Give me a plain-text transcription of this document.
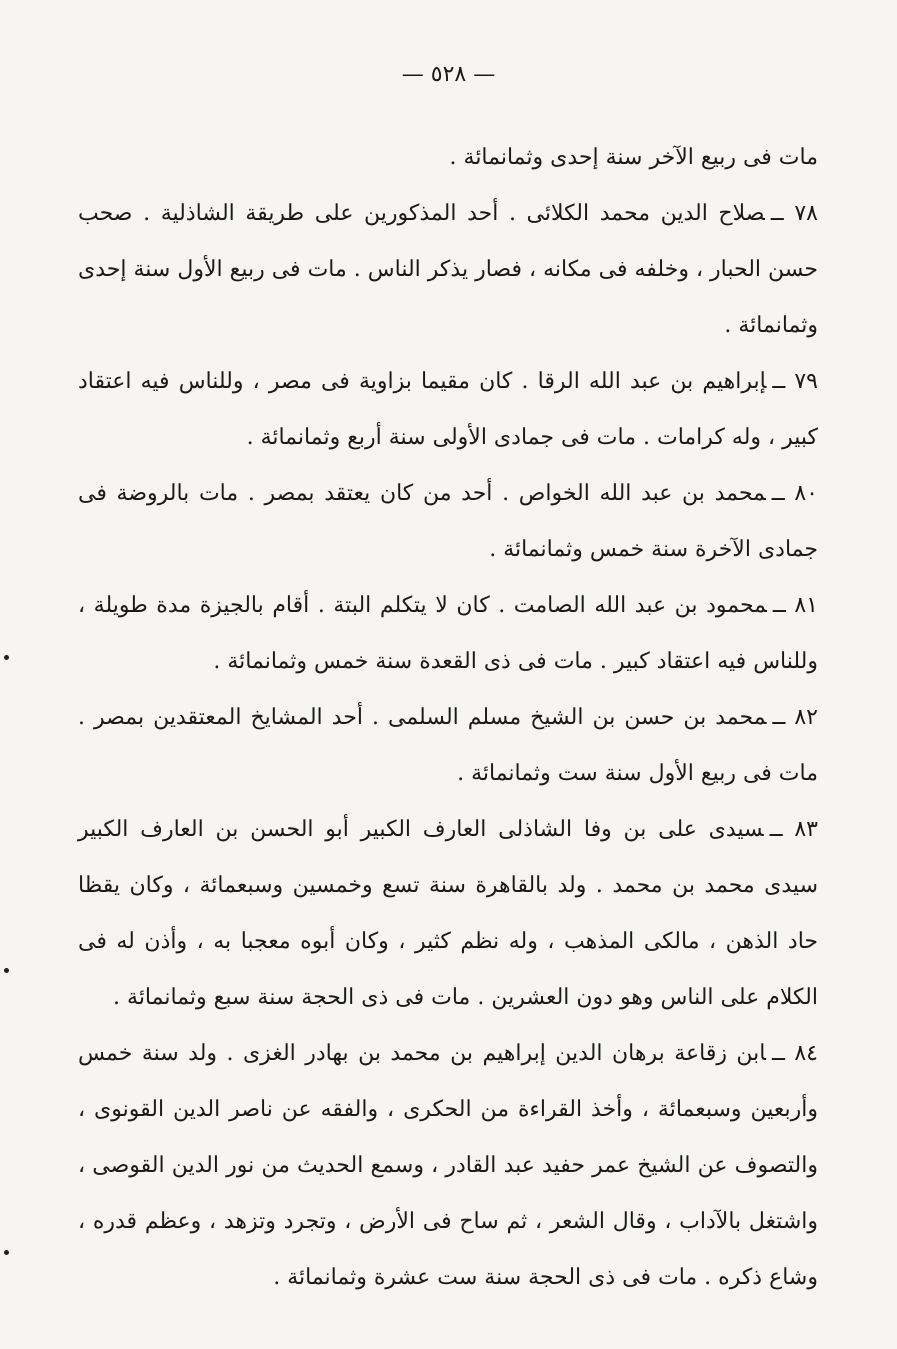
— ٥٢٨ —

مات فى ربيع الآخر سنة إحدى وثمانمائة .

٧٨ ــصلاح الدين محمد الكلائى . أحد المذكورين على طريقة الشاذلية . صحب حسن الحبار ، وخلفه فى مكانه ، فصار يذكر الناس . مات فى ربيع الأول سنة إحدى وثمانمائة .

٧٩ ــإبراهيم بن عبد الله الرقا . كان مقيما بزاوية فى مصر ، وللناس فيه اعتقاد كبير ، وله كرامات . مات فى جمادى الأولى سنة أربع وثمانمائة .

٨٠ ــمحمد بن عبد الله الخواص . أحد من كان يعتقد بمصر . مات بالروضة فى جمادى الآخرة سنة خمس وثمانمائة .

٨١ ــمحمود بن عبد الله الصامت . كان لا يتكلم البتة . أقام بالجيزة مدة طويلة ، وللناس فيه اعتقاد كبير . مات فى ذى القعدة سنة خمس وثمانمائة .

٨٢ ــمحمد بن حسن بن الشيخ مسلم السلمى . أحد المشايخ المعتقدين بمصر . مات فى ربيع الأول سنة ست وثمانمائة .

٨٣ ــسيدى على بن وفا الشاذلى العارف الكبير أبو الحسن بن العارف الكبير سيدى محمد بن محمد . ولد بالقاهرة سنة تسع وخمسين وسبعمائة ، وكان يقظا حاد الذهن ، مالكى المذهب ، وله نظم كثير ، وكان أبوه معجبا به ، وأذن له فى الكلام على الناس وهو دون العشرين . مات فى ذى الحجة سنة سبع وثمانمائة .

٨٤ ــابن زقاعة برهان الدين إبراهيم بن محمد بن بهادر الغزى . ولد سنة خمس وأربعين وسبعمائة ، وأخذ القراءة من الحكرى ، والفقه عن ناصر الدين القونوى ، والتصوف عن الشيخ عمر حفيد عبد القادر ، وسمع الحديث من نور الدين القوصى ، واشتغل بالآداب ، وقال الشعر ، ثم ساح فى الأرض ، وتجرد وتزهد ، وعظم قدره ، وشاع ذكره . مات فى ذى الحجة سنة ست عشرة وثمانمائة .
